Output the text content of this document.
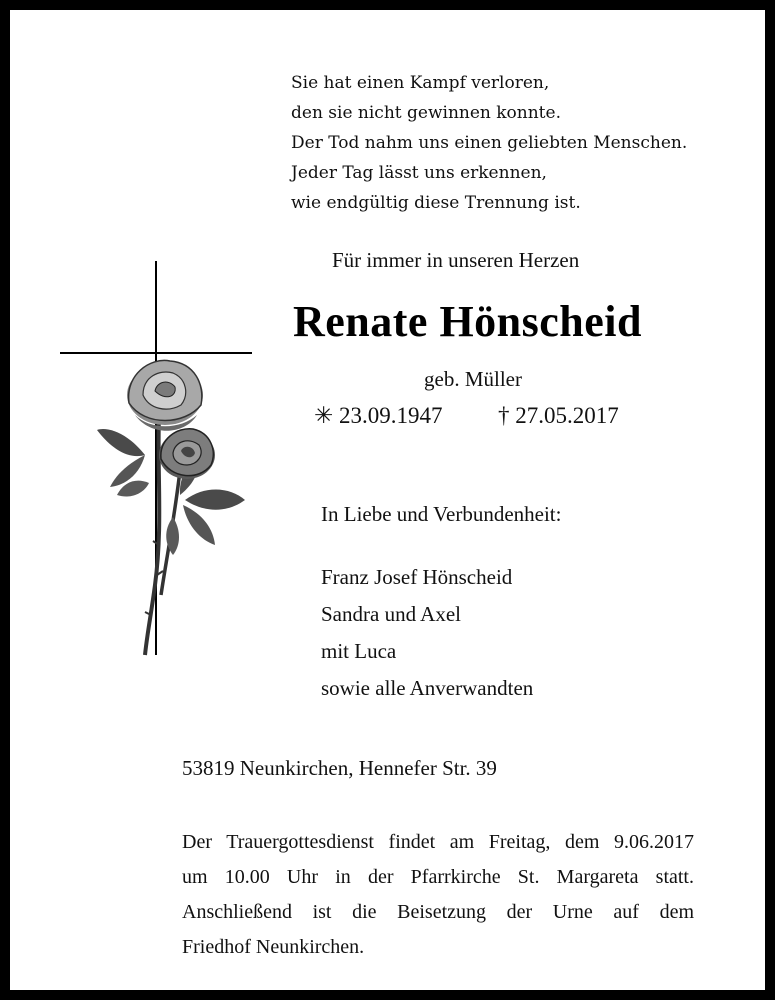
Sie hat einen Kampf verloren,
den sie nicht gewinnen konnte.
Der Tod nahm uns einen geliebten Menschen.
Jeder Tag lässt uns erkennen,
wie endgültig diese Trennung ist.
Für immer in unseren Herzen
Renate Hönscheid
geb. Müller
✳ 23.09.1947 † 27.05.2017
In Liebe und Verbundenheit:
Franz Josef Hönscheid
Sandra und Axel
mit Luca
sowie alle Anverwandten
53819 Neunkirchen, Hennefer Str. 39
Der Trauergottesdienst findet am Freitag, dem 9.06.2017
um 10.00 Uhr in der Pfarrkirche St. Margareta statt.
Anschließend ist die Beisetzung der Urne auf dem
Friedhof Neunkirchen.
